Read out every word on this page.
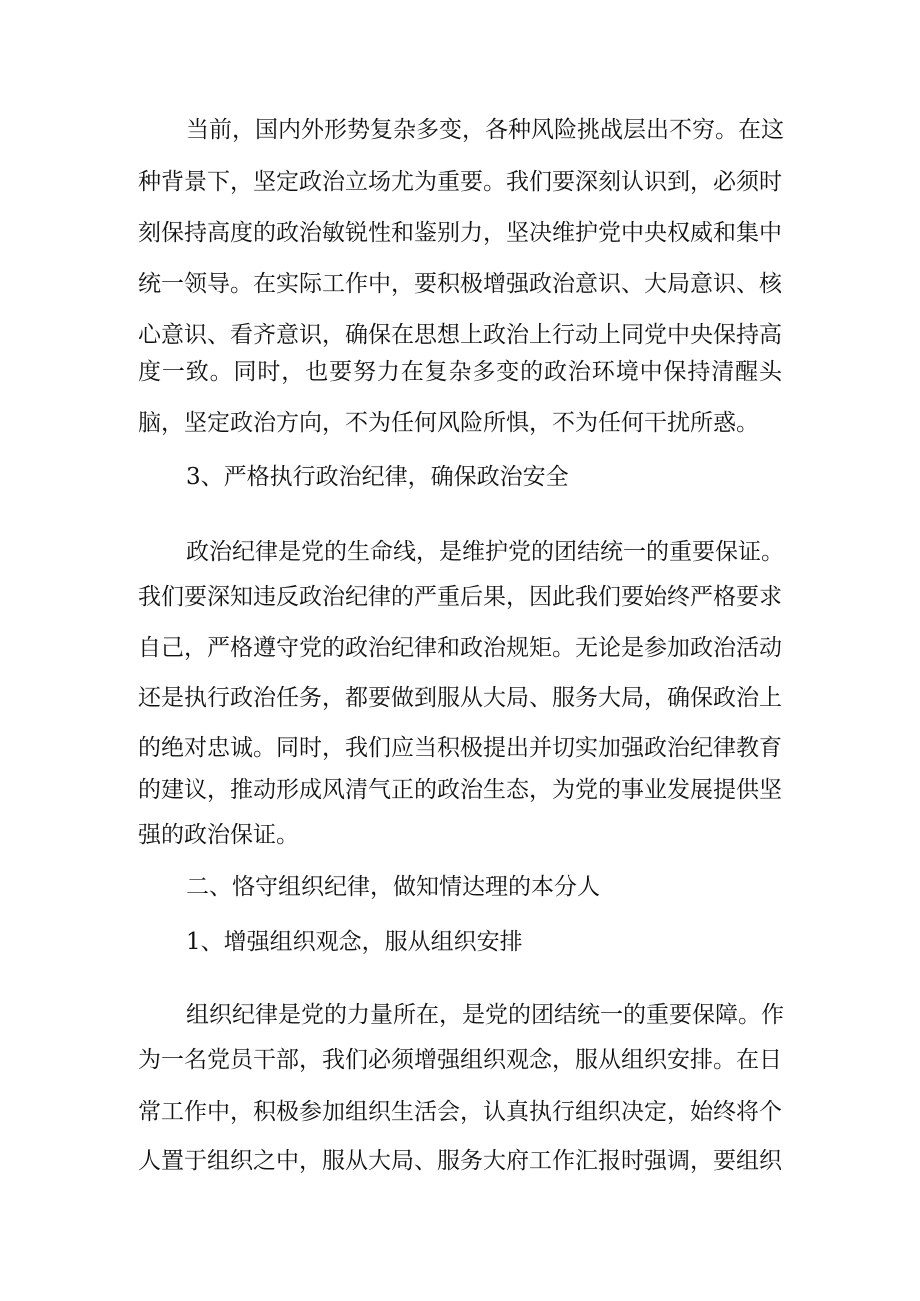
当前，国内外形势复杂多变，各种风险挑战层出不穷。在这
种背景下，坚定政治立场尤为重要。我们要深刻认识到，必须时
刻保持高度的政治敏锐性和鉴别力，坚决维护党中央权威和集中
统一领导。在实际工作中，要积极增强政治意识、大局意识、核
心意识、看齐意识，确保在思想上政治上行动上同党中央保持高
度一致。同时，也要努力在复杂多变的政治环境中保持清醒头
脑，坚定政治方向，不为任何风险所惧，不为任何干扰所惑。
3、严格执行政治纪律，确保政治安全
政治纪律是党的生命线，是维护党的团结统一的重要保证。
我们要深知违反政治纪律的严重后果，因此我们要始终严格要求
自己，严格遵守党的政治纪律和政治规矩。无论是参加政治活动
还是执行政治任务，都要做到服从大局、服务大局，确保政治上
的绝对忠诚。同时，我们应当积极提出并切实加强政治纪律教育
的建议，推动形成风清气正的政治生态，为党的事业发展提供坚
强的政治保证。
二、恪守组织纪律，做知情达理的本分人
1、增强组织观念，服从组织安排
组织纪律是党的力量所在，是党的团结统一的重要保障。作
为一名党员干部，我们必须增强组织观念，服从组织安排。在日
常工作中，积极参加组织生活会，认真执行组织决定，始终将个
人置于组织之中，服从大局、服务大府工作汇报时强调，要组织
